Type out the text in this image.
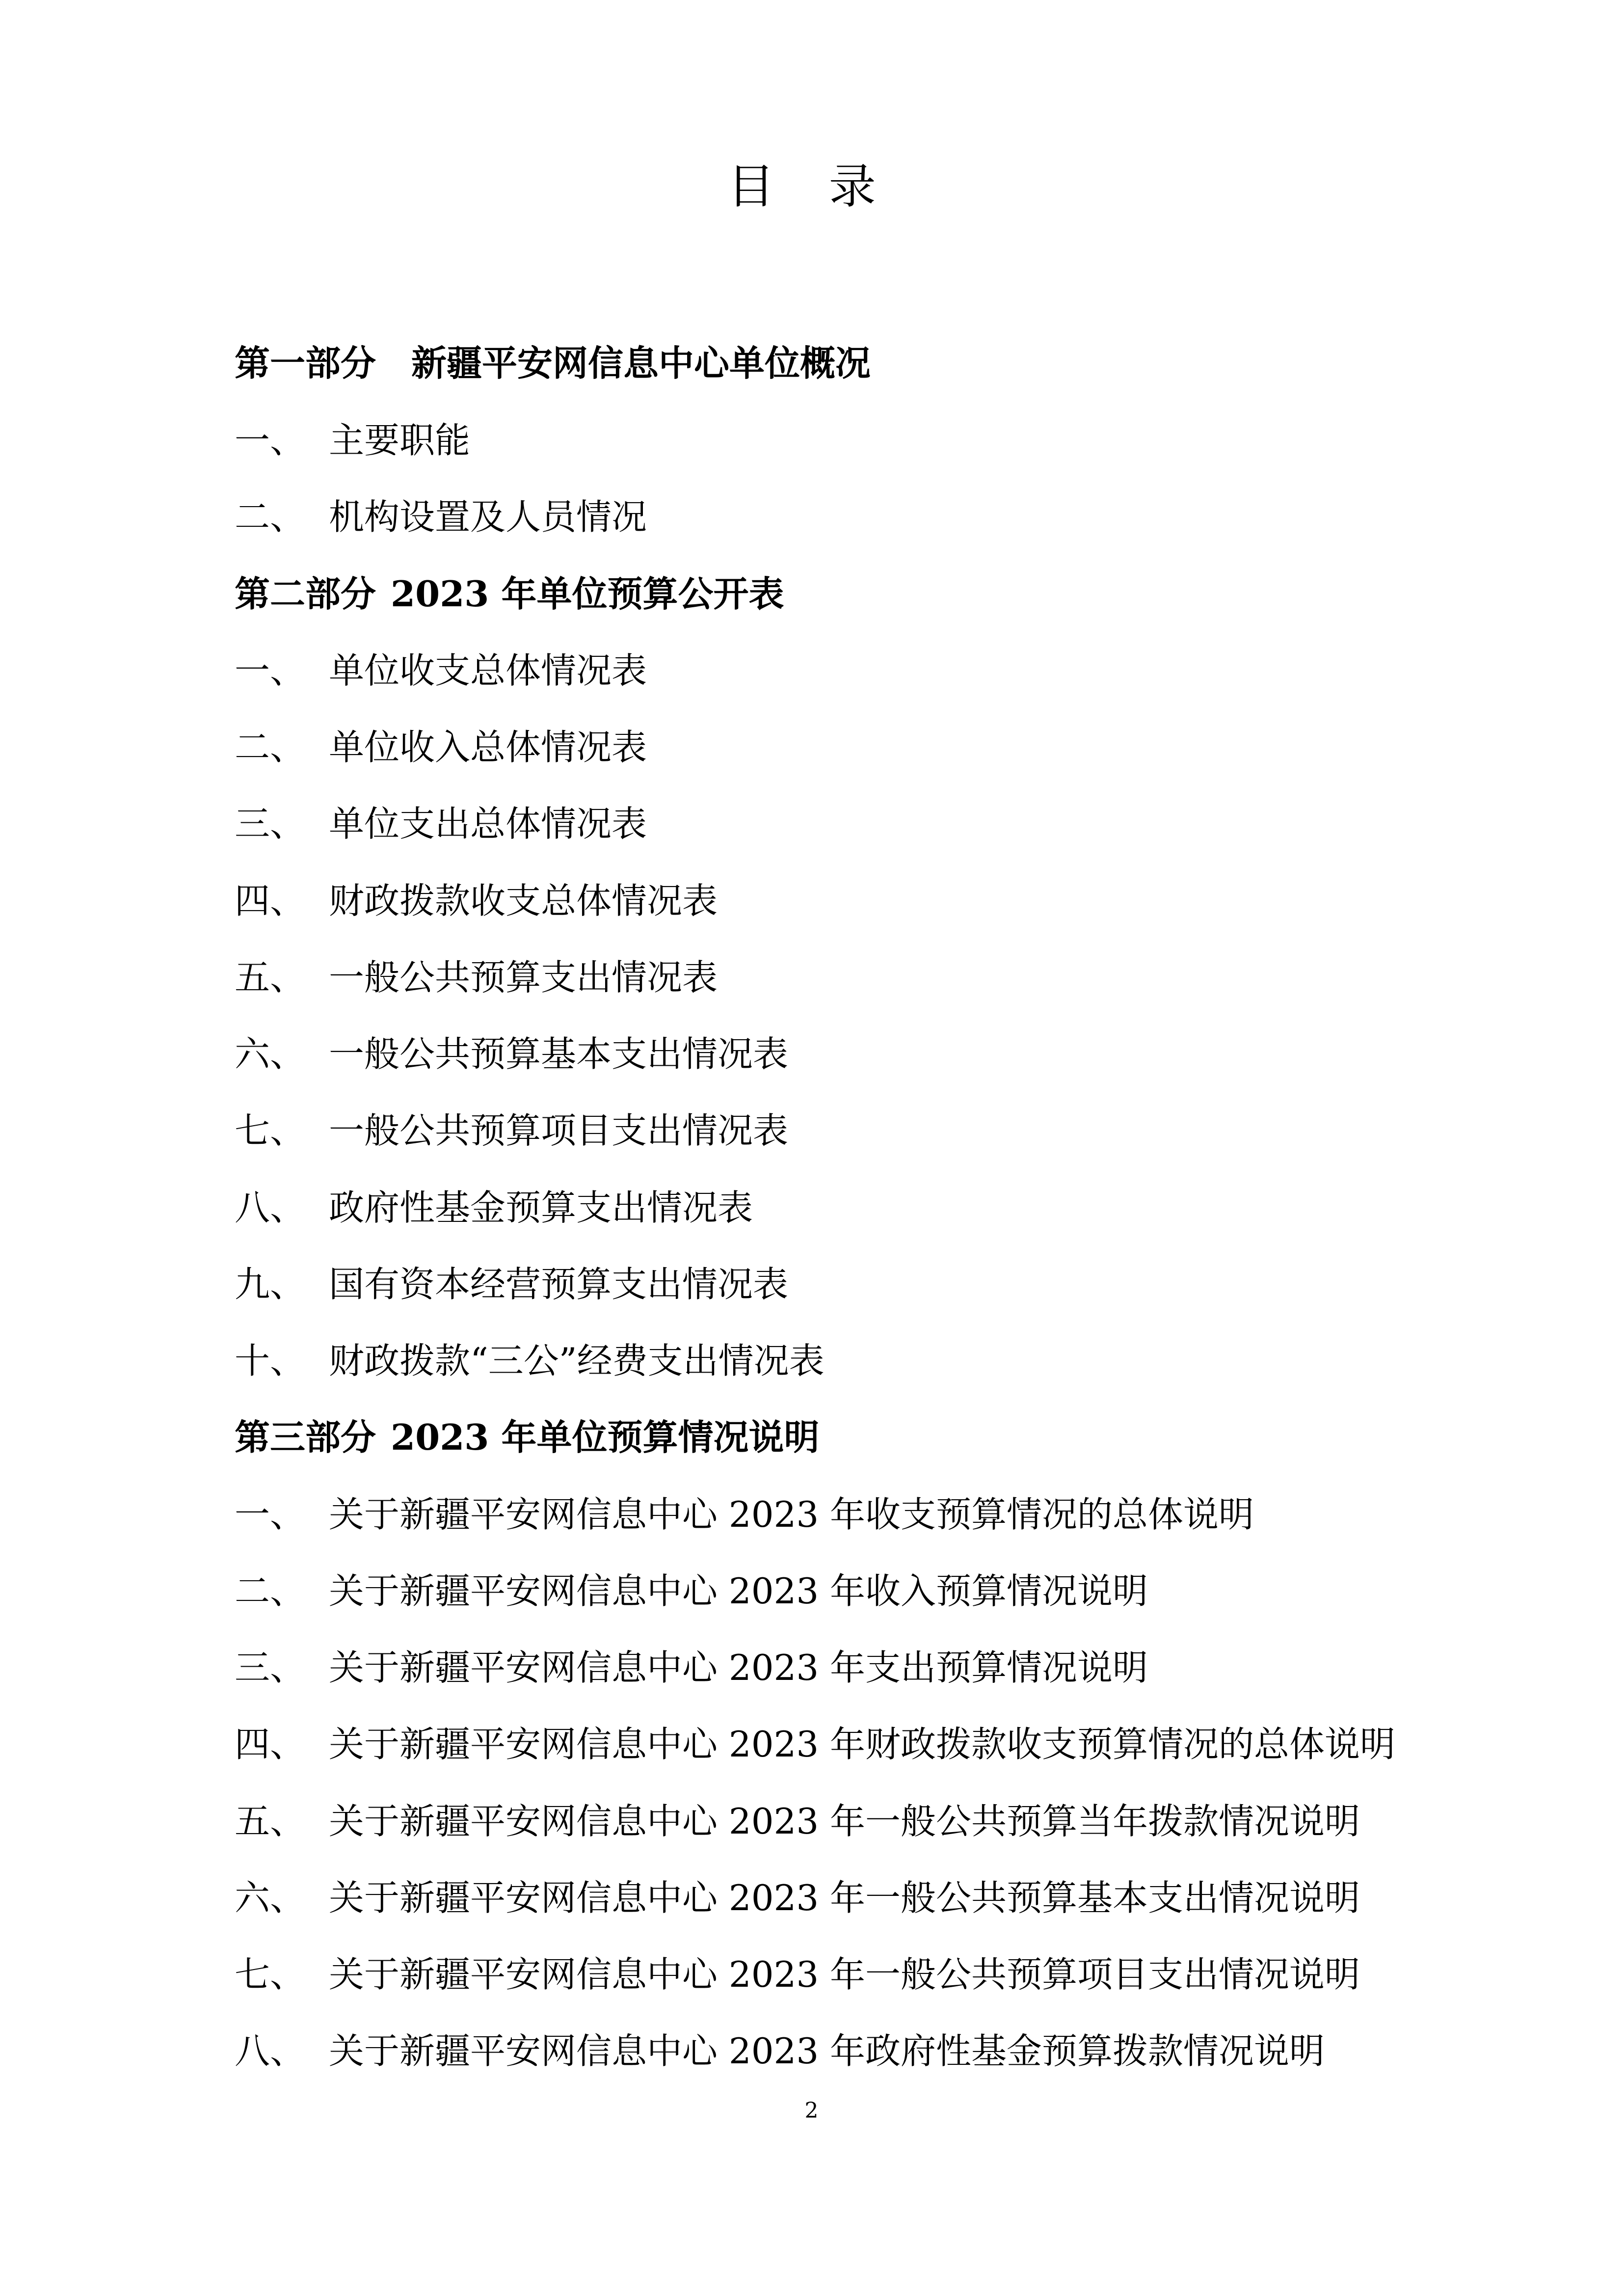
目 录
第一部分 新疆平安网信息中心单位概况
一、 主要职能
二、 机构设置及人员情况
第二部分 2023 年单位预算公开表
一、 单位收支总体情况表
二、 单位收入总体情况表
三、 单位支出总体情况表
四、 财政拨款收支总体情况表
五、 一般公共预算支出情况表
六、 一般公共预算基本支出情况表
七、 一般公共预算项目支出情况表
八、 政府性基金预算支出情况表
九、 国有资本经营预算支出情况表
十、 财政拨款“三公”经费支出情况表
第三部分 2023 年单位预算情况说明
一、 关于新疆平安网信息中心 2023 年收支预算情况的总体说明
二、 关于新疆平安网信息中心 2023 年收入预算情况说明
三、 关于新疆平安网信息中心 2023 年支出预算情况说明
四、 关于新疆平安网信息中心 2023 年财政拨款收支预算情况的总体说明
五、 关于新疆平安网信息中心 2023 年一般公共预算当年拨款情况说明
六、 关于新疆平安网信息中心 2023 年一般公共预算基本支出情况说明
七、 关于新疆平安网信息中心 2023 年一般公共预算项目支出情况说明
八、 关于新疆平安网信息中心 2023 年政府性基金预算拨款情况说明
2
